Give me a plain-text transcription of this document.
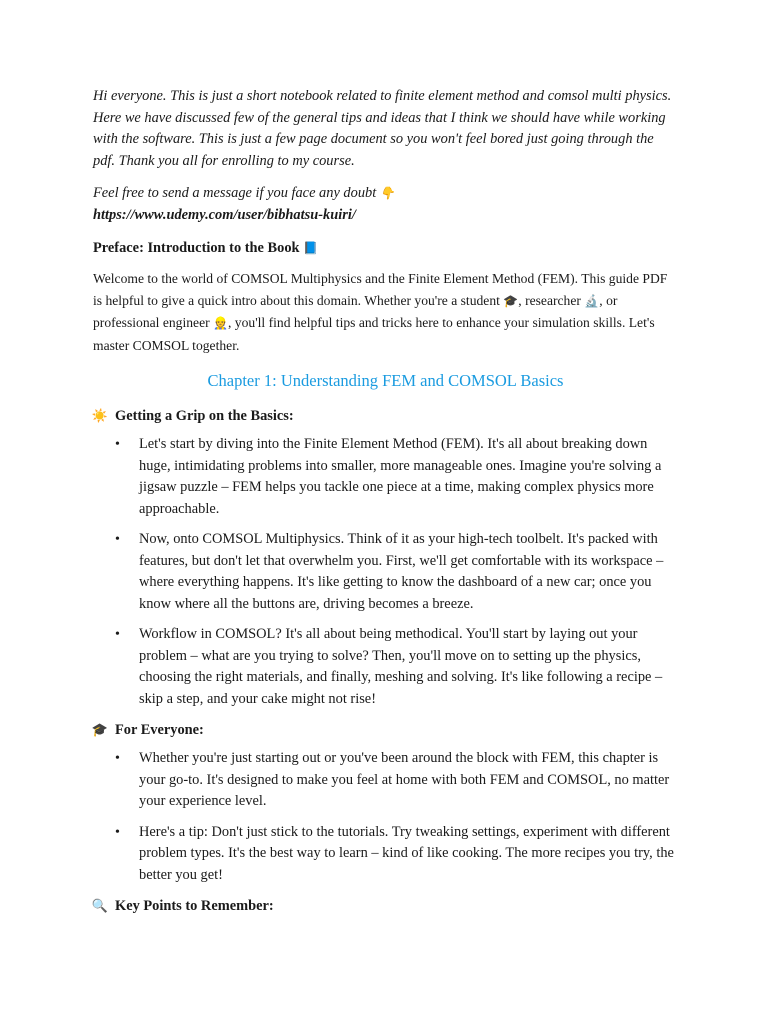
Hi everyone. This is just a short notebook related to finite element method and comsol multi physics. Here we have discussed few of the general tips and ideas that I think we should have while working with the software. This is just a few page document so you won't feel bored just going through the pdf. Thank you all for enrolling to my course.

Feel free to send a message if you face any doubt 👇

https://www.udemy.com/user/bibhatsu-kuiri/

Preface: Introduction to the Book 📘

Welcome to the world of COMSOL Multiphysics and the Finite Element Method (FEM). This guide PDF is helpful to give a quick intro about this domain. Whether you're a student 🎓, researcher 🔬, or professional engineer 👷, you'll find helpful tips and tricks here to enhance your simulation skills. Let's master COMSOL together.

Chapter 1: Understanding FEM and COMSOL Basics
☀️ Getting a Grip on the Basics:
• Let's start by diving into the Finite Element Method (FEM). It's all about breaking down huge, intimidating problems into smaller, more manageable ones. Imagine you're solving a jigsaw puzzle – FEM helps you tackle one piece at a time, making complex physics more approachable.
• Now, onto COMSOL Multiphysics. Think of it as your high-tech toolbelt. It's packed with features, but don't let that overwhelm you. First, we'll get comfortable with its workspace – where everything happens. It's like getting to know the dashboard of a new car; once you know where all the buttons are, driving becomes a breeze.
• Workflow in COMSOL? It's all about being methodical. You'll start by laying out your problem – what are you trying to solve? Then, you'll move on to setting up the physics, choosing the right materials, and finally, meshing and solving. It's like following a recipe – skip a step, and your cake might not rise!
🎓 For Everyone:
• Whether you're just starting out or you've been around the block with FEM, this chapter is your go-to. It's designed to make you feel at home with both FEM and COMSOL, no matter your experience level.
• Here's a tip: Don't just stick to the tutorials. Try tweaking settings, experiment with different problem types. It's the best way to learn – kind of like cooking. The more recipes you try, the better you get!
🔍 Key Points to Remember:
